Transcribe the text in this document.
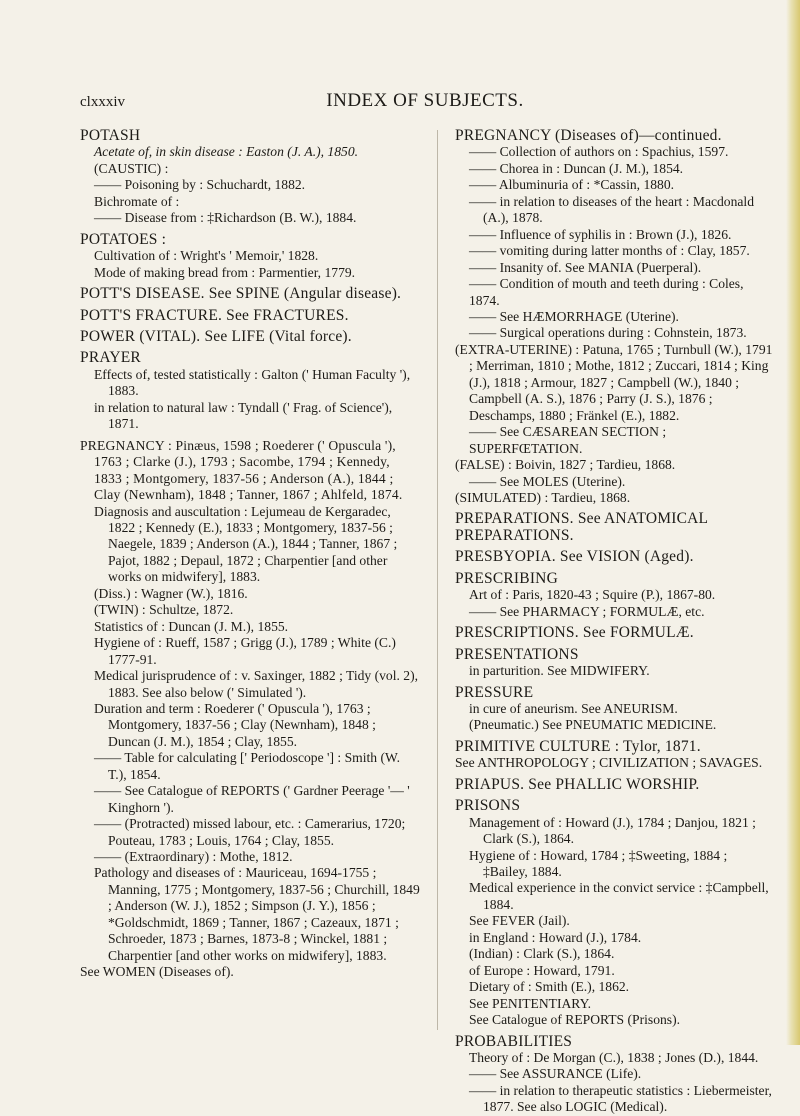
clxxxiv	INDEX OF SUBJECTS.
POTASH
Acetate of, in skin disease : Easton (J. A.), 1850.
(CAUSTIC) :
—— Poisoning by : Schuchardt, 1882.
Bichromate of :
—— Disease from : ‡Richardson (B. W.), 1884.
POTATOES :
Cultivation of : Wright's ' Memoir,' 1828.
Mode of making bread from : Parmentier, 1779.
POTT'S DISEASE. See SPINE (Angular disease).
POTT'S FRACTURE. See FRACTURES.
POWER (VITAL). See LIFE (Vital force).
PRAYER
Effects of, tested statistically : Galton (' Human Faculty '), 1883.
in relation to natural law : Tyndall (' Frag. of Science'), 1871.
PREGNANCY : Pinæus, 1598 ; Roederer (' Opuscula '), 1763 ; Clarke (J.), 1793 ; Sacombe, 1794 ; Kennedy, 1833 ; Montgomery, 1837-56 ; Anderson (A.), 1844 ; Clay (Newnham), 1848 ; Tanner, 1867 ; Ahlfeld, 1874.
Diagnosis and auscultation : Lejumeau de Kergaradec, 1822 ; Kennedy (E.), 1833 ; Montgomery, 1837-56 ; Naegele, 1839 ; Anderson (A.), 1844 ; Tanner, 1867 ; Pajot, 1882 ; Depaul, 1872 ; Charpentier [and other works on midwifery], 1883.
(Diss.) : Wagner (W.), 1816.
(TWIN) : Schultze, 1872.
Statistics of : Duncan (J. M.), 1855.
Hygiene of : Rueff, 1587 ; Grigg (J.), 1789 ; White (C.) 1777-91.
Medical jurisprudence of : v. Saxinger, 1882 ; Tidy (vol. 2), 1883. See also below (' Simulated ').
Duration and term : Roederer (' Opuscula '), 1763 ; Montgomery, 1837-56 ; Clay (Newnham), 1848 ; Duncan (J. M.), 1854 ; Clay, 1855.
—— Table for calculating [' Periodoscope '] : Smith (W. T.), 1854.
—— See Catalogue of REPORTS (' Gardner Peerage '— ' Kinghorn ').
—— (Protracted) missed labour, etc. : Camerarius, 1720; Pouteau, 1783 ; Louis, 1764 ; Clay, 1855.
—— (Extraordinary) : Mothe, 1812.
Pathology and diseases of : Mauriceau, 1694-1755 ; Manning, 1775 ; Montgomery, 1837-56 ; Churchill, 1849 ; Anderson (W. J.), 1852 ; Simpson (J. Y.), 1856 ; *Goldschmidt, 1869 ; Tanner, 1867 ; Cazeaux, 1871 ; Schroeder, 1873 ; Barnes, 1873-8 ; Winckel, 1881 ; Charpentier [and other works on midwifery], 1883.
See WOMEN (Diseases of).
PREGNANCY (Diseases of)—continued.
—— Collection of authors on : Spachius, 1597.
—— Chorea in : Duncan (J. M.), 1854.
—— Albuminuria of : *Cassin, 1880.
—— in relation to diseases of the heart : Macdonald (A.), 1878.
—— Influence of syphilis in : Brown (J.), 1826.
—— vomiting during latter months of : Clay, 1857.
—— Insanity of. See MANIA (Puerperal).
—— Condition of mouth and teeth during : Coles, 1874.
—— See HÆMORRHAGE (Uterine).
—— Surgical operations during : Cohnstein, 1873.
(EXTRA-UTERINE) : Patuna, 1765 ; Turnbull (W.), 1791 ; Merriman, 1810 ; Mothe, 1812 ; Zuccari, 1814 ; King (J.), 1818 ; Armour, 1827 ; Campbell (W.), 1840 ; Campbell (A. S.), 1876 ; Parry (J. S.), 1876 ; Deschamps, 1880 ; Fränkel (E.), 1882.
—— See CÆSAREAN SECTION ; SUPERFŒTATION.
(FALSE) : Boivin, 1827 ; Tardieu, 1868.
—— See MOLES (Uterine).
(SIMULATED) : Tardieu, 1868.
PREPARATIONS. See ANATOMICAL PREPARATIONS.
PRESBYOPIA. See VISION (Aged).
PRESCRIBING
Art of : Paris, 1820-43 ; Squire (P.), 1867-80.
—— See PHARMACY ; FORMULÆ, etc.
PRESCRIPTIONS. See FORMULÆ.
PRESENTATIONS
in parturition. See MIDWIFERY.
PRESSURE
in cure of aneurism. See ANEURISM.
(Pneumatic.) See PNEUMATIC MEDICINE.
PRIMITIVE CULTURE : Tylor, 1871.
See ANTHROPOLOGY ; CIVILIZATION ; SAVAGES.
PRIAPUS. See PHALLIC WORSHIP.
PRISONS
Management of : Howard (J.), 1784 ; Danjou, 1821 ; Clark (S.), 1864.
Hygiene of : Howard, 1784 ; ‡Sweeting, 1884 ; ‡Bailey, 1884.
Medical experience in the convict service : ‡Campbell, 1884.
See FEVER (Jail).
in England : Howard (J.), 1784.
(Indian) : Clark (S.), 1864.
of Europe : Howard, 1791.
Dietary of : Smith (E.), 1862.
See PENITENTIARY.
See Catalogue of REPORTS (Prisons).
PROBABILITIES
Theory of : De Morgan (C.), 1838 ; Jones (D.), 1844.
—— See ASSURANCE (Life).
—— in relation to therapeutic statistics : Liebermeister, 1877. See also LOGIC (Medical).
